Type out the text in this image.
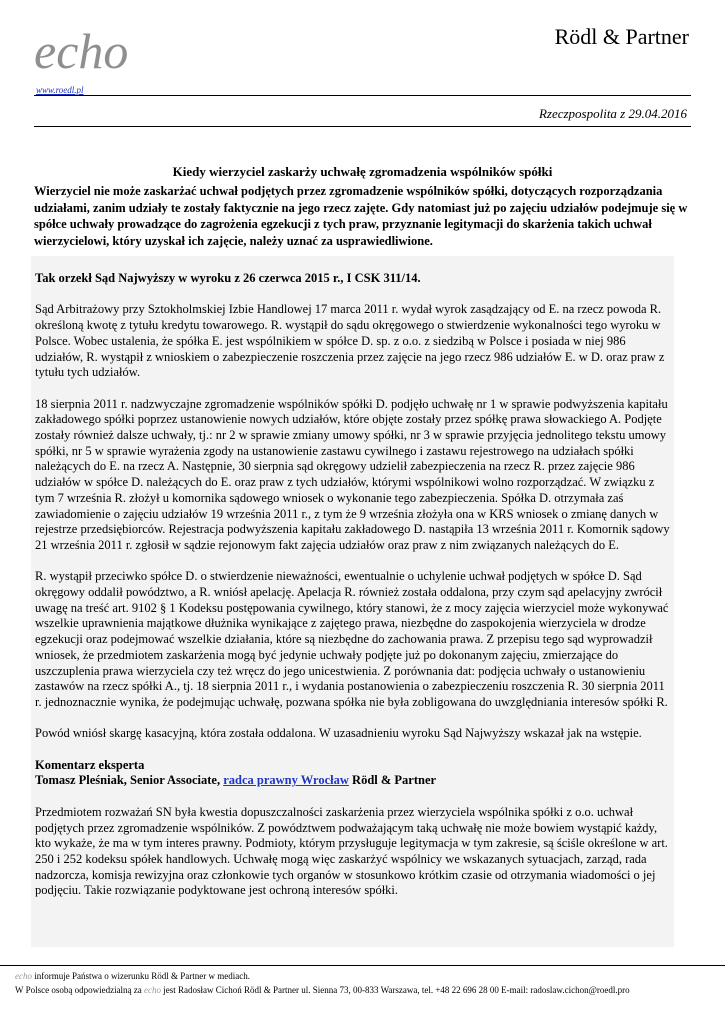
echo
www.roedl.pl
Rödl & Partner
Rzeczpospolita z 29.04.2016
Kiedy wierzyciel zaskarży uchwałę zgromadzenia wspólników spółki
Wierzyciel nie może zaskarżać uchwał podjętych przez zgromadzenie wspólników spółki, dotyczących rozporządzania udziałami, zanim udziały te zostały faktycznie na jego rzecz zajęte. Gdy natomiast już po zajęciu udziałów podejmuje się w spółce uchwały prowadzące do zagrożenia egzekucji z tych praw, przyznanie legitymacji do skarżenia takich uchwał wierzycielowi, który uzyskał ich zajęcie, należy uznać za usprawiedliwione.
Tak orzekł Sąd Najwyższy w wyroku z 26 czerwca 2015 r., I CSK 311/14.

Sąd Arbitrażowy przy Sztokholmskiej Izbie Handlowej 17 marca 2011 r. wydał wyrok zasądzający od E. na rzecz powoda R. określoną kwotę z tytułu kredytu towarowego. R. wystąpił do sądu okręgowego o stwierdzenie wykonalności tego wyroku w Polsce. Wobec ustalenia, że spółka E. jest wspólnikiem w spółce D. sp. z o.o. z siedzibą w Polsce i posiada w niej 986 udziałów, R. wystąpił z wnioskiem o zabezpieczenie roszczenia przez zajęcie na jego rzecz 986 udziałów E. w D. oraz praw z tytułu tych udziałów.

18 sierpnia 2011 r. nadzwyczajne zgromadzenie wspólników spółki D. podjęło uchwałę nr 1 w sprawie podwyższenia kapitału zakładowego spółki poprzez ustanowienie nowych udziałów, które objęte zostały przez spółkę prawa słowackiego A. Podjęte zostały również dalsze uchwały, tj.: nr 2 w sprawie zmiany umowy spółki, nr 3 w sprawie przyjęcia jednolitego tekstu umowy spółki, nr 5 w sprawie wyrażenia zgody na ustanowienie zastawu cywilnego i zastawu rejestrowego na udziałach spółki należących do E. na rzecz A. Następnie, 30 sierpnia sąd okręgowy udzielił zabezpieczenia na rzecz R. przez zajęcie 986 udziałów w spółce D. należących do E. oraz praw z tych udziałów, którymi wspólnikowi wolno rozporządzać. W związku z tym 7 września R. złożył u komornika sądowego wniosek o wykonanie tego zabezpieczenia. Spółka D. otrzymała zaś zawiadomienie o zajęciu udziałów 19 września 2011 r., z tym że 9 września złożyła ona w KRS wniosek o zmianę danych w rejestrze przedsiębiorców. Rejestracja podwyższenia kapitału zakładowego D. nastąpiła 13 września 2011 r. Komornik sądowy 21 września 2011 r. zgłosił w sądzie rejonowym fakt zajęcia udziałów oraz praw z nim związanych należących do E.

R. wystąpił przeciwko spółce D. o stwierdzenie nieważności, ewentualnie o uchylenie uchwał podjętych w spółce D. Sąd okręgowy oddalił powództwo, a R. wniósł apelację. Apelacja R. również została oddalona, przy czym sąd apelacyjny zwrócił uwagę na treść art. 9102 § 1 Kodeksu postępowania cywilnego, który stanowi, że z mocy zajęcia wierzyciel może wykonywać wszelkie uprawnienia majątkowe dłużnika wynikające z zajętego prawa, niezbędne do zaspokojenia wierzyciela w drodze egzekucji oraz podejmować wszelkie działania, które są niezbędne do zachowania prawa. Z przepisu tego sąd wyprowadził wniosek, że przedmiotem zaskarżenia mogą być jedynie uchwały podjęte już po dokonanym zajęciu, zmierzające do uszczuplenia prawa wierzyciela czy też wręcz do jego unicestwienia. Z porównania dat: podjęcia uchwały o ustanowieniu zastawów na rzecz spółki A., tj. 18 sierpnia 2011 r., i wydania postanowienia o zabezpieczeniu roszczenia R. 30 sierpnia 2011 r. jednoznacznie wynika, że podejmując uchwałę, pozwana spółka nie była zobligowana do uwzględniania interesów spółki R.

Powód wniósł skargę kasacyjną, która została oddalona. W uzasadnieniu wyroku Sąd Najwyższy wskazał jak na wstępie.

Komentarz eksperta
Tomasz Pleśniak, Senior Associate, radca prawny Wrocław Rödl & Partner

Przedmiotem rozważań SN była kwestia dopuszczalności zaskarżenia przez wierzyciela wspólnika spółki z o.o. uchwał podjętych przez zgromadzenie wspólników. Z powództwem podważającym taką uchwałę nie może bowiem wystąpić każdy, kto wykaże, że ma w tym interes prawny. Podmioty, którym przysługuje legitymacja w tym zakresie, są ściśle określone w art. 250 i 252 kodeksu spółek handlowych. Uchwałę mogą więc zaskarżyć wspólnicy we wskazanych sytuacjach, zarząd, rada nadzorcza, komisja rewizyjna oraz członkowie tych organów w stosunkowo krótkim czasie od otrzymania wiadomości o jej podjęciu. Takie rozwiązanie podyktowane jest ochroną interesów spółki.

echo informuje Państwa o wizerunku Rödl & Partner w mediach.
W Polsce osobą odpowiedzialną za echo jest Radosław Cichoń Rödl & Partner ul. Sienna 73, 00-833 Warszawa, tel. +48 22 696 28 00 E-mail: radoslaw.cichon@roedl.pro
